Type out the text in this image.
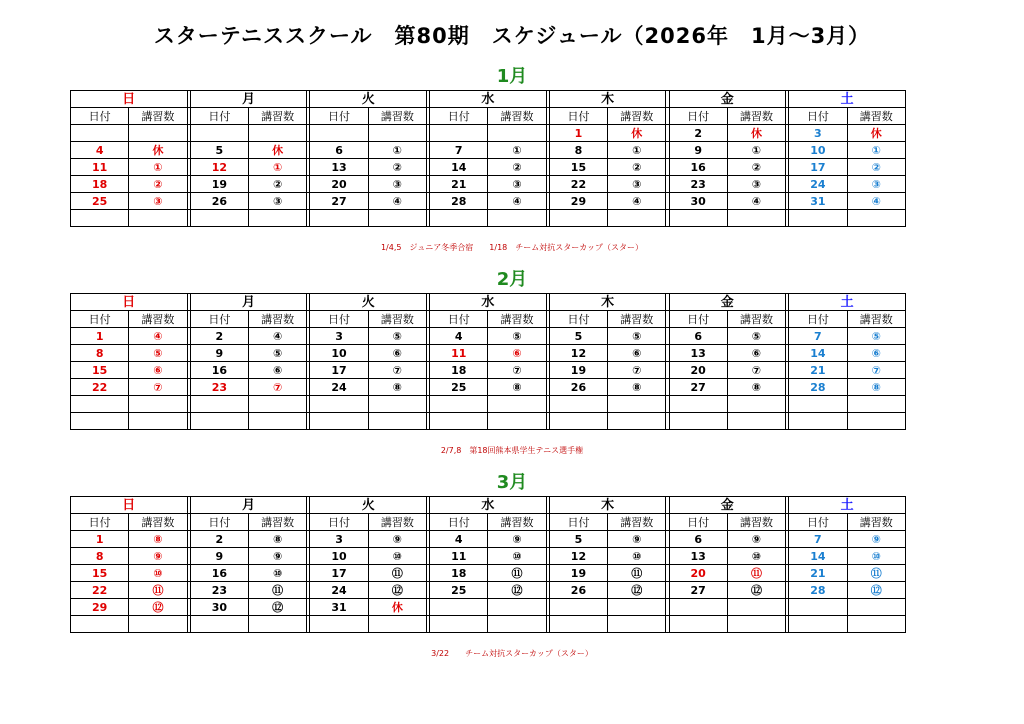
スターテニススクール　第80期　スケジュール（2026年　1月～3月）
1月
日			月			火			水			木			金			土	
日付	講習数		日付	講習数		日付	講習数		日付	講習数		日付	講習数		日付	講習数		日付	講習数
												1	休		2	休		3	休
4	休		5	休		6	①		7	①		8	①		9	①		10	①
11	①		12	①		13	②		14	②		15	②		16	②		17	②
18	②		19	②		20	③		21	③		22	③		23	③		24	③
25	③		26	③		27	④		28	④		29	④		30	④		31	④

1/4,5　ジュニア冬季合宿　　1/18　チーム対抗スターカップ（スター）
2月
日			月			火			水			木			金			土	
日付	講習数		日付	講習数		日付	講習数		日付	講習数		日付	講習数		日付	講習数		日付	講習数
1	④		2	④		3	⑤		4	⑤		5	⑤		6	⑤		7	⑤
8	⑤		9	⑤		10	⑥		11	⑥		12	⑥		13	⑥		14	⑥
15	⑥		16	⑥		17	⑦		18	⑦		19	⑦		20	⑦		21	⑦
22	⑦		23	⑦		24	⑧		25	⑧		26	⑧		27	⑧		28	⑧

2/7,8　第18回熊本県学生テニス選手権
3月
日			月			火			水			木			金			土	
日付	講習数		日付	講習数		日付	講習数		日付	講習数		日付	講習数		日付	講習数		日付	講習数
1	⑧		2	⑧		3	⑨		4	⑨		5	⑨		6	⑨		7	⑨
8	⑨		9	⑨		10	⑩		11	⑩		12	⑩		13	⑩		14	⑩
15	⑩		16	⑩		17	⑪		18	⑪		19	⑪		20	⑪		21	⑪
22	⑪		23	⑪		24	⑫		25	⑫		26	⑫		27	⑫		28	⑫
29	⑫		30	⑫		31	休												

3/22　　チーム対抗スターカップ（スター）
